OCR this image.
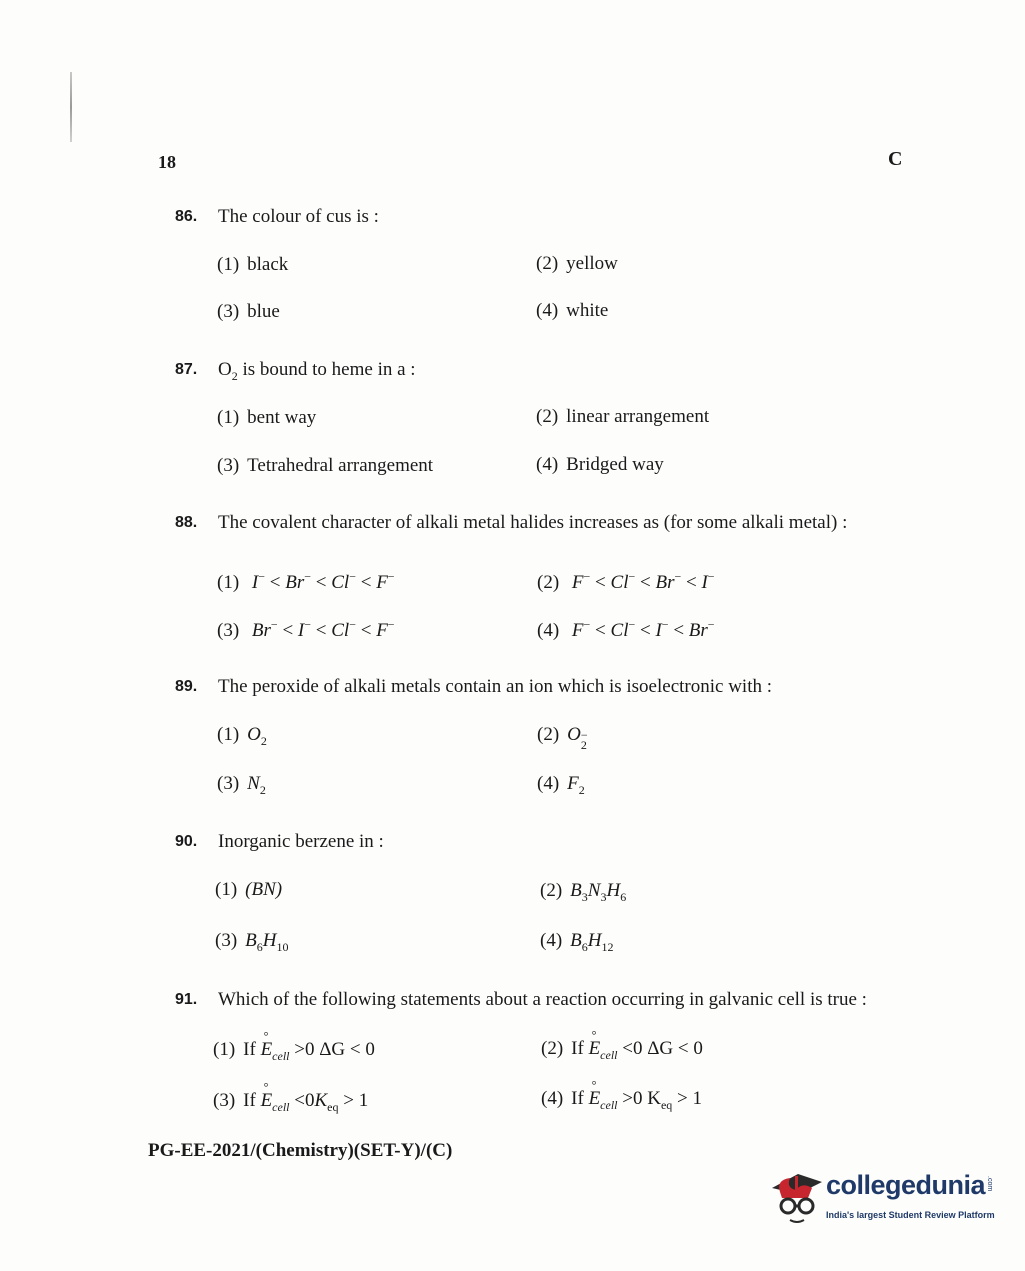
18	C
86. The colour of cus is :
(1) black	(2) yellow
(3) blue	(4) white
87. $O_2$ is bound to heme in a :
(1) bent way	(2) linear arrangement
(3) Tetrahedral arrangement	(4) Bridged way
88. The covalent character of alkali metal halides increases as (for some alkali metal) :
(1) I− < Br− < Cl− < F−	(2) F− < Cl− < Br− < I−
(3) Br− < I− < Cl− < F−	(4) F− < Cl− < I− < Br−
89. The peroxide of alkali metals contain an ion which is isoelectronic with :
(1) $O_2$	(2) O −
2
(3) $N_2$	(4) $F_2$
90. Inorganic berzene in :
(1) (BN)	(2) $B_3N_3H_6$
(3) $B_6H_{10}$	(4) $B_6H_{12}$
91. Which of the following statements about a reaction occurring in galvanic cell is true :
(1) If E
°
$_{cell}$ >0 ΔG < 0	(2) If E
°
$_{cell}$ <0 ΔG < 0
(3) If E
°
$_{cell} <0K_{eq} > 1$	(4) If E
°
$_{cell}$ >0 $K_{eq} > 1$
PG-EE-2021/(Chemistry)(SET-Y)/(C)
collegedunia .com
India's largest Student Review Platform
